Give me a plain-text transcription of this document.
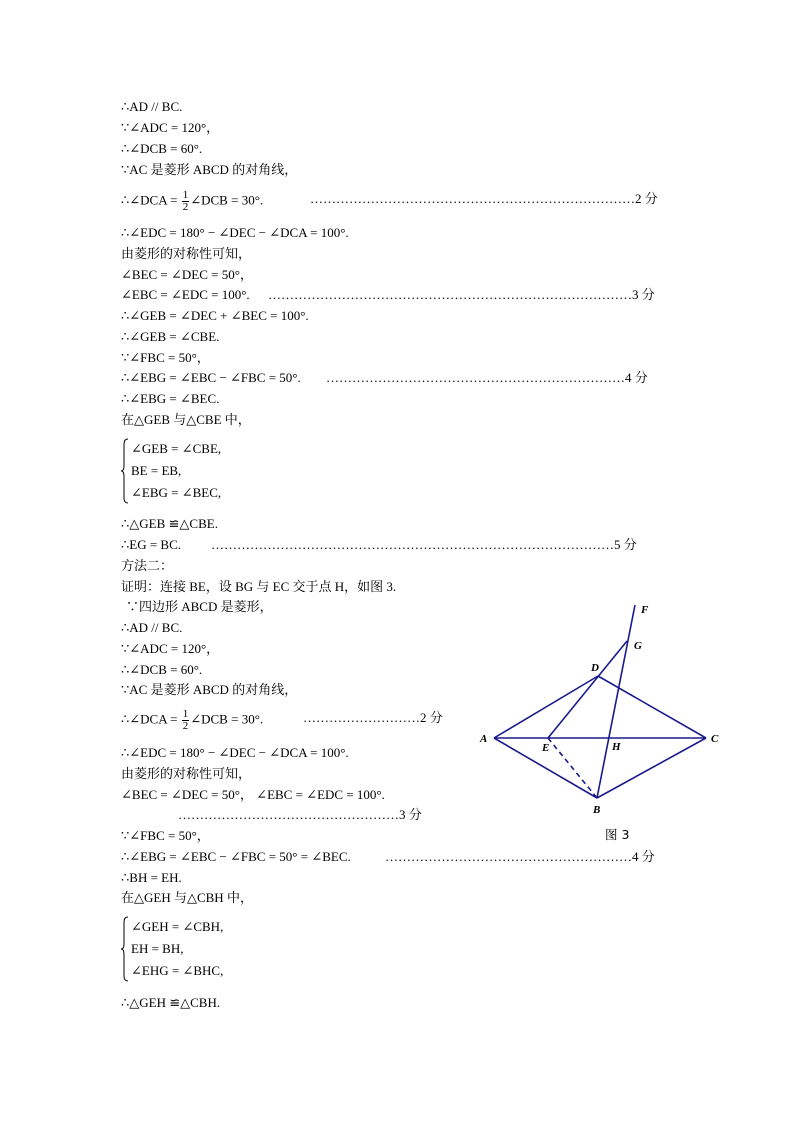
∴AD // BC.
∵∠ADC = 120°，
∴∠DCB = 60°.
∵AC 是菱形 ABCD 的对角线，
∴∠DCA = $\frac{1}{2}$ ∠DCB = 30°.	…………………………………………………………………2 分
∴∠EDC = 180° − ∠DEC − ∠DCA = 100°.
由菱形的对称性可知，
∠BEC = ∠DEC = 50°，
∠EBC = ∠EDC = 100°. …………………………………………………………………………3 分
∴∠GEB = ∠DEC + ∠BEC = 100°.
∴∠GEB = ∠CBE.
∵∠FBC = 50°，
∴∠EBG = ∠EBC − ∠FBC = 50°. ……………………………………………………………4 分
∴∠EBG = ∠BEC.
在△GEB 与△CBE 中，
∠GEB = ∠CBE,
BE = EB,
∠EBG = ∠BEC,
∴△GEB ≌△CBE.
∴EG = BC. …………………………………………………………………………………5 分
方法二：
证明：连接 BE，设 BG 与 EC 交于点 H，如图 3.
∵四边形 ABCD 是菱形，
∴AD // BC.
∵∠ADC = 120°，
∴∠DCB = 60°.
∵AC 是菱形 ABCD 的对角线，
∴∠DCA = $\frac{1}{2}$ ∠DCB = 30°.	………………………2 分
∴∠EDC = 180° − ∠DEC − ∠DCA = 100°.
由菱形的对称性可知，
∠BEC = ∠DEC = 50°， ∠EBC = ∠EDC = 100°.
……………………………………………3 分
∵∠FBC = 50°，
∴∠EBG = ∠EBC − ∠FBC = 50° = ∠BEC.	…………………………………………………4 分
∴BH = EH.
在△GEH 与△CBH 中，
∠GEH = ∠CBH,
EH = BH,
∠EHG = ∠BHC,
∴△GEH ≌△CBH.
A
D
C
B
E	H
G
F
图 3
